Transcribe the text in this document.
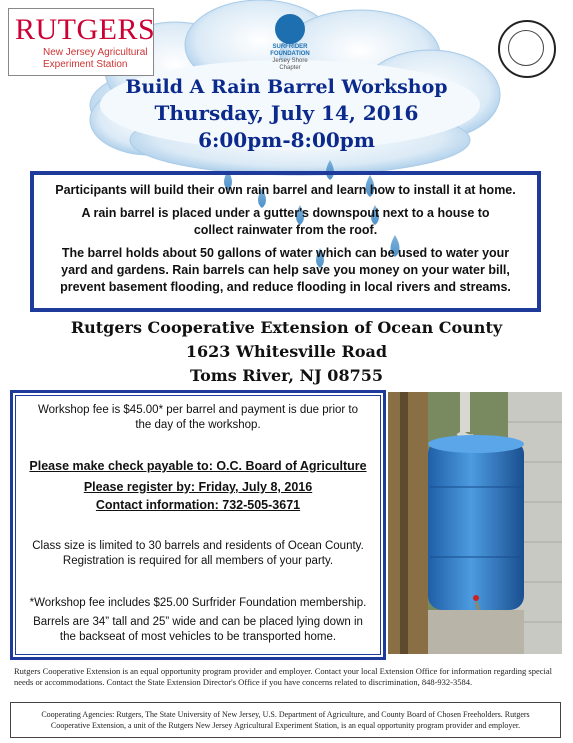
RUTGERS
New Jersey Agricultural Experiment Station
SURFRIDER FOUNDATION
Jersey Shore Chapter
Build A Rain Barrel Workshop
Thursday, July 14, 2016
6:00pm-8:00pm
Participants will build their own rain barrel and learn how to install it at home.
A rain barrel is placed under a gutter's downspout next to a house to collect rainwater from the roof.
The barrel holds about 50 gallons of water which can be used to water your yard and gardens. Rain barrels can help save you money on your water bill, prevent basement flooding, and reduce flooding in local rivers and streams.
Rutgers Cooperative Extension of Ocean County
1623 Whitesville Road
Toms River, NJ 08755
Workshop fee is $45.00* per barrel and payment is due prior to the day of the workshop.
Please make check payable to: O.C. Board of Agriculture
Please register by: Friday, July 8, 2016
Contact information: 732-505-3671
Class size is limited to 30 barrels and residents of Ocean County. Registration is required for all members of your party.
*Workshop fee includes $25.00 Surfrider Foundation membership.
Barrels are 34” tall and 25” wide and can be placed lying down in the backseat of most vehicles to be transported home.
Rutgers Cooperative Extension is an equal opportunity program provider and employer. Contact your local Extension Office for information regarding special needs or accommodations. Contact the State Extension Director's Office if you have concerns related to discrimination, 848-932-3584.
Cooperating Agencies: Rutgers, The State University of New Jersey, U.S. Department of Agriculture, and County Board of Chosen Freeholders. Rutgers Cooperative Extension, a unit of the Rutgers New Jersey Agricultural Experiment Station, is an equal opportunity program provider and employer.
